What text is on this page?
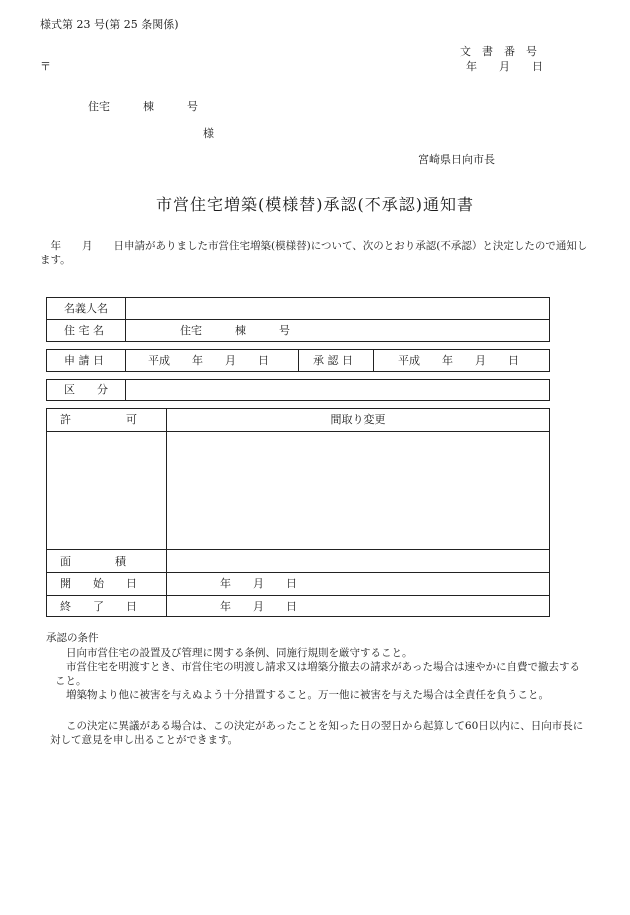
様式第 23 号(第 25 条関係)
文　書　番　号
〒	年　　月　　日
住宅　　　棟　　　号
様
宮崎県日向市長
市営住宅増築(模様替)承認(不承認)通知書
　年　　月　　日申請がありました市営住宅増築(模様替)について、次のとおり承認(不承認）と決定したので通知します。
名義人名
住 宅 名	住宅　　　棟　　　号
申 請 日	平成　　年　　月　　日	承 認 日	平成　　年　　月　　日
区　　分
許　　　　　可	間取り変更
面　　　　積
開　　始　　日	年　　月　　日
終　　了　　日	年　　月　　日
承認の条件
日向市営住宅の設置及び管理に関する条例、同施行規則を厳守すること。
市営住宅を明渡すとき、市営住宅の明渡し請求又は増築分撤去の請求があった場合は速やかに自費で撤去すること。
増築物より他に被害を与えぬよう十分措置すること。万一他に被害を与えた場合は全責任を負うこと。
この決定に異議がある場合は、この決定があったことを知った日の翌日から起算して60日以内に、日向市長に対して意見を申し出ることができます。
